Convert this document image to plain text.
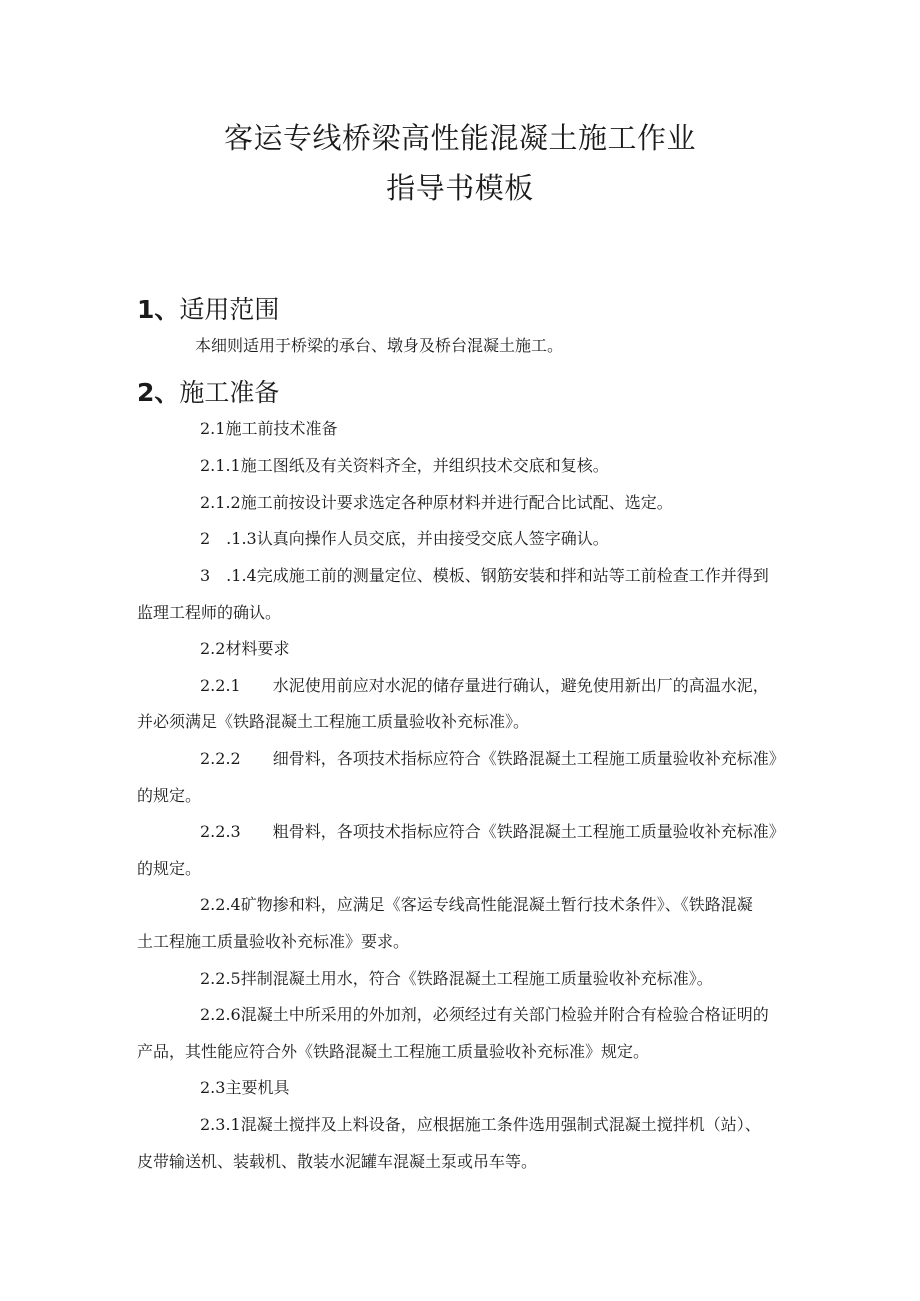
客运专线桥梁高性能混凝土施工作业
指导书模板
1、适用范围

本细则适用于桥梁的承台、墩身及桥台混凝土施工。

2、施工准备

2.1施工前技术准备

2.1.1施工图纸及有关资料齐全，并组织技术交底和复核。

2.1.2施工前按设计要求选定各种原材料并进行配合比试配、选定。

2　.1.3认真向操作人员交底，并由接受交底人签字确认。

3　.1.4完成施工前的测量定位、模板、钢筋安装和拌和站等工前检查工作并得到

监理工程师的确认。

2.2材料要求

2.2.1　　水泥使用前应对水泥的储存量进行确认，避免使用新出厂的高温水泥，

并必须满足《铁路混凝土工程施工质量验收补充标准》。

2.2.2　　细骨料，各项技术指标应符合《铁路混凝土工程施工质量验收补充标准》

的规定。

2.2.3　　粗骨料，各项技术指标应符合《铁路混凝土工程施工质量验收补充标准》

的规定。

2.2.4矿物掺和料，应满足《客运专线高性能混凝土暂行技术条件》、《铁路混凝

土工程施工质量验收补充标准》要求。

2.2.5拌制混凝土用水，符合《铁路混凝土工程施工质量验收补充标准》。

2.2.6混凝土中所采用的外加剂，必须经过有关部门检验并附合有检验合格证明的

产品，其性能应符合外《铁路混凝土工程施工质量验收补充标准》规定。

2.3主要机具

2.3.1混凝土搅拌及上料设备，应根据施工条件选用强制式混凝土搅拌机（站）、

皮带输送机、装载机、散装水泥罐车混凝土泵或吊车等。
